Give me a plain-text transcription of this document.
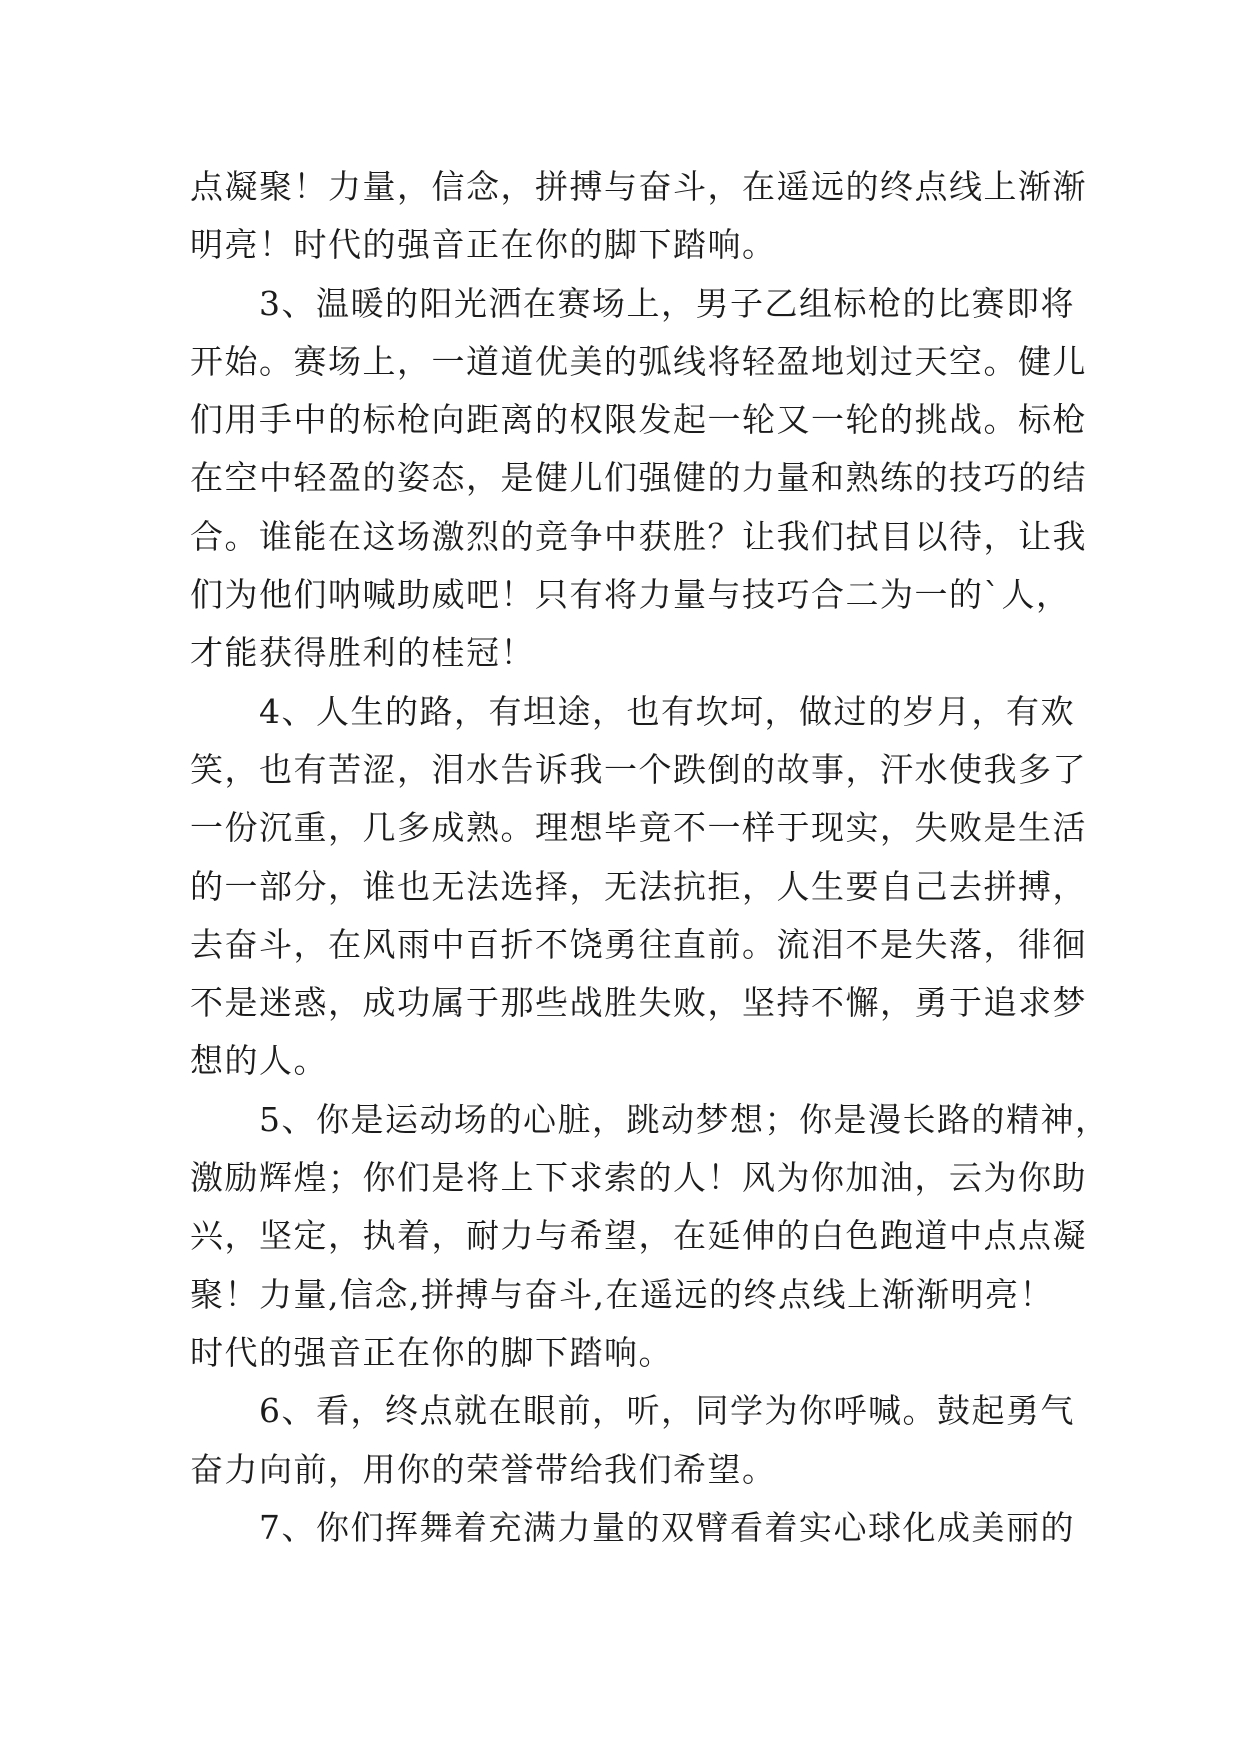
点凝聚！力量，信念，拼搏与奋斗，在遥远的终点线上渐渐
明亮！时代的强音正在你的脚下踏响。
　　3、温暖的阳光洒在赛场上，男子乙组标枪的比赛即将
开始。赛场上，一道道优美的弧线将轻盈地划过天空。健儿
们用手中的标枪向距离的权限发起一轮又一轮的挑战。标枪
在空中轻盈的姿态，是健儿们强健的力量和熟练的技巧的结
合。谁能在这场激烈的竞争中获胜？让我们拭目以待，让我
们为他们呐喊助威吧！只有将力量与技巧合二为一的`人，
才能获得胜利的桂冠！
　　4、人生的路，有坦途，也有坎坷，做过的岁月，有欢
笑，也有苦涩，泪水告诉我一个跌倒的故事，汗水使我多了
一份沉重，几多成熟。理想毕竟不一样于现实，失败是生活
的一部分，谁也无法选择，无法抗拒，人生要自己去拼搏，
去奋斗，在风雨中百折不饶勇往直前。流泪不是失落，徘徊
不是迷惑，成功属于那些战胜失败，坚持不懈，勇于追求梦
想的人。
　　5、你是运动场的心脏，跳动梦想；你是漫长路的精神，
激励辉煌；你们是将上下求索的人！风为你加油，云为你助
兴，坚定，执着，耐力与希望，在延伸的白色跑道中点点凝
聚！力量,信念,拼搏与奋斗,在遥远的终点线上渐渐明亮！
时代的强音正在你的脚下踏响。
　　6、看，终点就在眼前，听，同学为你呼喊。鼓起勇气
奋力向前，用你的荣誉带给我们希望。
　　7、你们挥舞着充满力量的双臂看着实心球化成美丽的
